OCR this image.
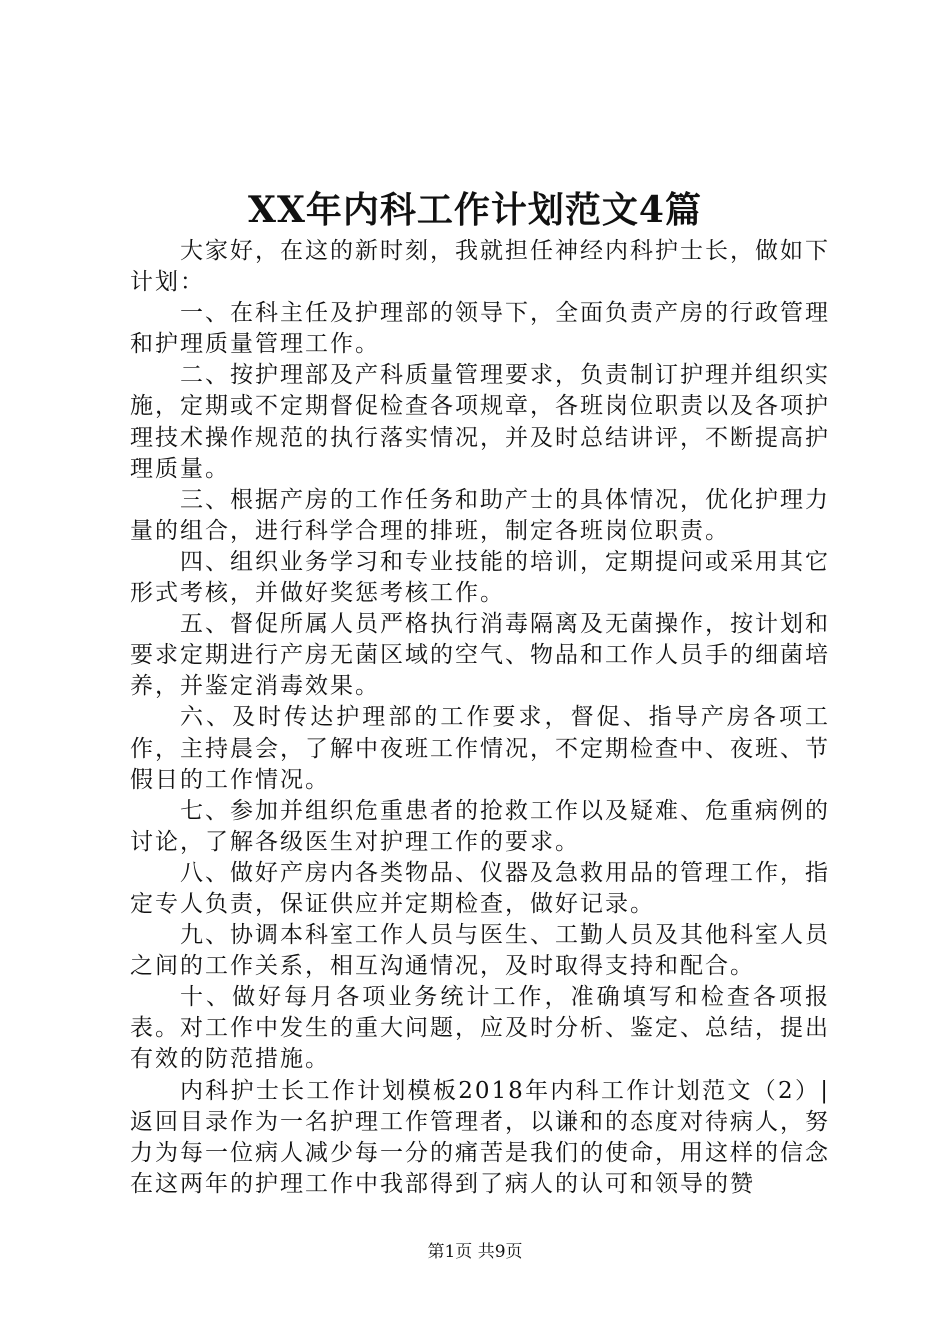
XX年内科工作计划范文4篇

大家好，在这的新时刻，我就担任神经内科护士长，做如下计划：

一、在科主任及护理部的领导下，全面负责产房的行政管理和护理质量管理工作。

二、按护理部及产科质量管理要求，负责制订护理并组织实施，定期或不定期督促检查各项规章，各班岗位职责以及各项护理技术操作规范的执行落实情况，并及时总结讲评，不断提高护理质量。

三、根据产房的工作任务和助产士的具体情况，优化护理力量的组合，进行科学合理的排班，制定各班岗位职责。

四、组织业务学习和专业技能的培训，定期提问或采用其它形式考核，并做好奖惩考核工作。

五、督促所属人员严格执行消毒隔离及无菌操作，按计划和要求定期进行产房无菌区域的空气、物品和工作人员手的细菌培养，并鉴定消毒效果。

六、及时传达护理部的工作要求，督促、指导产房各项工作，主持晨会，了解中夜班工作情况，不定期检查中、夜班、节假日的工作情况。

七、参加并组织危重患者的抢救工作以及疑难、危重病例的讨论，了解各级医生对护理工作的要求。

八、做好产房内各类物品、仪器及急救用品的管理工作，指定专人负责，保证供应并定期检查，做好记录。

九、协调本科室工作人员与医生、工勤人员及其他科室人员之间的工作关系，相互沟通情况，及时取得支持和配合。

十、做好每月各项业务统计工作，准确填写和检查各项报表。对工作中发生的重大问题，应及时分析、鉴定、总结，提出有效的防范措施。

内科护士长工作计划模板2018年内科工作计划范文（2）|返回目录作为一名护理工作管理者，以谦和的态度对待病人，努力为每一位病人减少每一分的痛苦是我们的使命，用这样的信念在这两年的护理工作中我部得到了病人的认可和领导的赞

第1页 共9页
